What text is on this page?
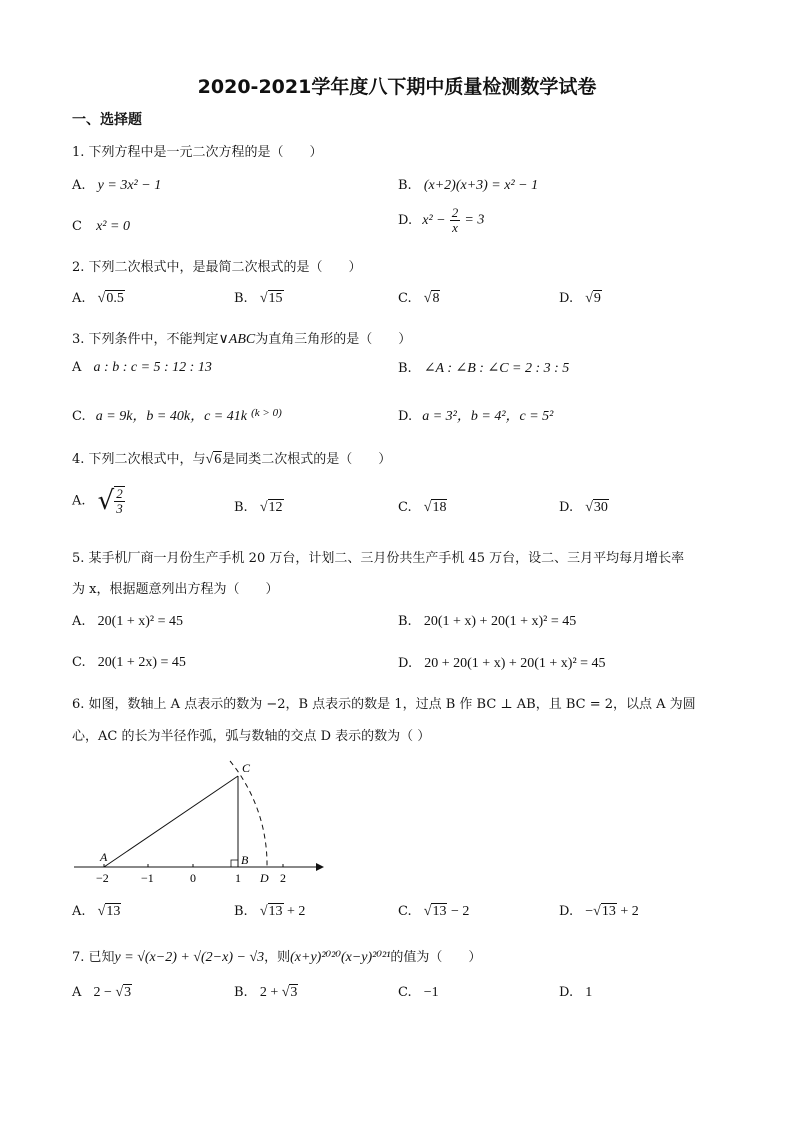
2020-2021学年度八下期中质量检测数学试卷
一、选择题
1. 下列方程中是一元二次方程的是（　　）
A. y = 3x² − 1	B. (x+2)(x+3) = x² − 1
C x² = 0	D. $x^2 - \frac{2}{x} = 3$
2. 下列二次根式中，是最简二次根式的是（　　）
A. √0.5	B. √15	C. √8	D. √9
3. 下列条件中，不能判定∨ABC为直角三角形的是（　　）
A a : b : c = 5 : 12 : 13	B. ∠A : ∠B : ∠C = 2 : 3 : 5
C. a = 9k，b = 40k，c = 41k $^{(k > 0)}$	D. a = 3²，b = 4²，c = 5²
4. 下列二次根式中，与√6是同类二次根式的是（　　）
A. √ $\frac{2}{3}$	B. √12	C. √18	D. √30
5. 某手机厂商一月份生产手机 20 万台，计划二、三月份共生产手机 45 万台，设二、三月平均每月增长率
为 x，根据题意列出方程为（　　）
A. 20(1 + x)² = 45	B. 20(1 + x) + 20(1 + x)² = 45
C. 20(1 + 2x) = 45	D. 20 + 20(1 + x) + 20(1 + x)² = 45
6. 如图，数轴上 A 点表示的数为 −2，B 点表示的数是 1，过点 B 作 BC ⊥ AB，且 BC = 2，以点 A 为圆
心，AC 的长为半径作弧，弧与数轴的交点 D 表示的数为（ ）
A	B
C
D
−2	−1	0	1	2
A. √13	B. √13 + 2	C. √13 − 2	D. −√13 + 2
7. 已知y = √(x−2) + √(2−x) − √3，则(x+y)²⁰²⁰(x−y)²⁰²¹的值为（　　）
A 2 − √3	B. 2 + √3	C. −1	D. 1
